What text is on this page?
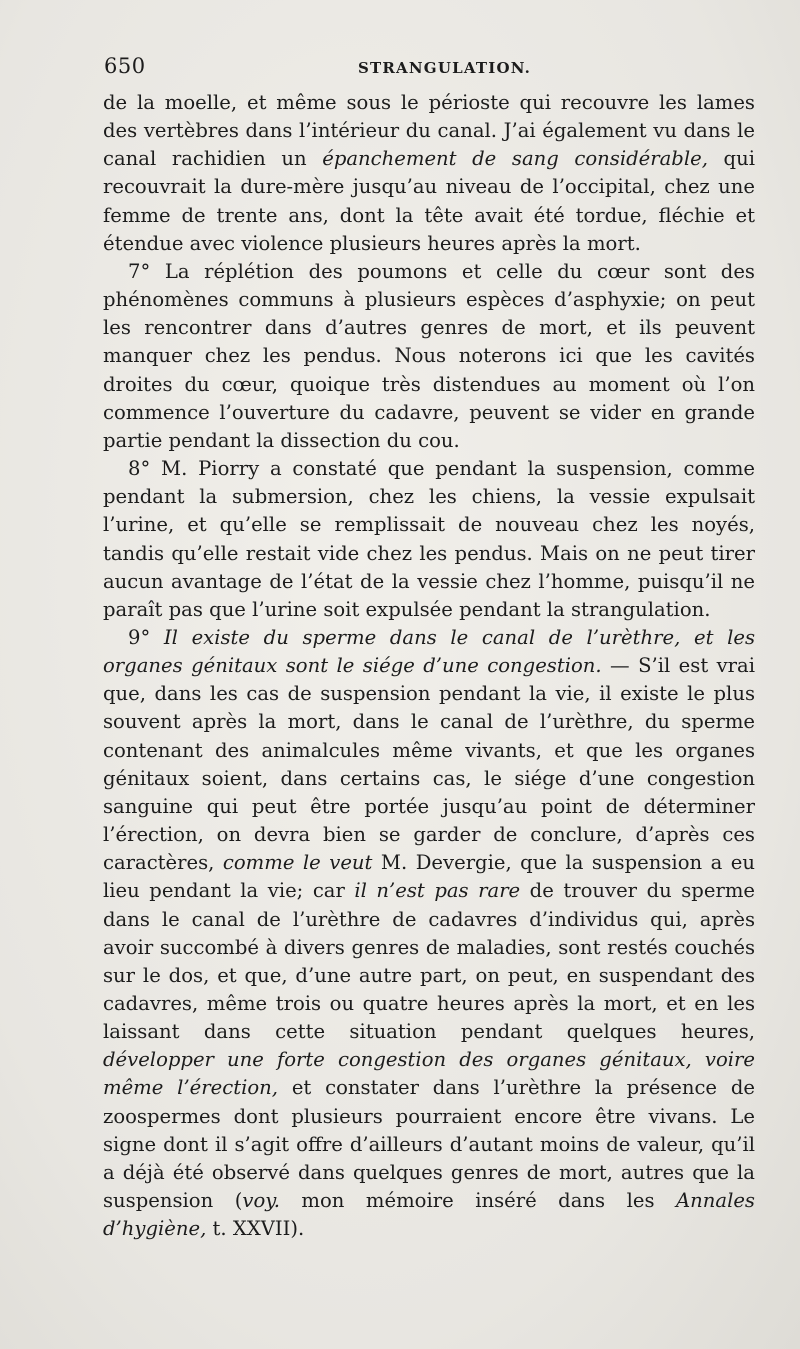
650	STRANGULATION.

de la moelle, et même sous le périoste qui recouvre les lames des vertèbres dans l’intérieur du canal. J’ai également vu dans le canal rachidien un épanchement de sang considérable, qui recouvrait la dure-mère jusqu’au niveau de l’occipital, chez une femme de trente ans, dont la tête avait été tordue, fléchie et étendue avec violence plusieurs heures après la mort.

7° La réplétion des poumons et celle du cœur sont des phénomènes communs à plusieurs espèces d’asphyxie; on peut les rencontrer dans d’autres genres de mort, et ils peuvent manquer chez les pendus. Nous noterons ici que les cavités droites du cœur, quoique très distendues au moment où l’on commence l’ouverture du cadavre, peuvent se vider en grande partie pendant la dissection du cou.

8° M. Piorry a constaté que pendant la suspension, comme pendant la submersion, chez les chiens, la vessie expulsait l’urine, et qu’elle se remplissait de nouveau chez les noyés, tandis qu’elle restait vide chez les pendus. Mais on ne peut tirer aucun avantage de l’état de la vessie chez l’homme, puisqu’il ne paraît pas que l’urine soit expulsée pendant la strangulation.

9° Il existe du sperme dans le canal de l’urèthre, et les organes génitaux sont le siége d’une congestion. — S’il est vrai que, dans les cas de suspension pendant la vie, il existe le plus souvent après la mort, dans le canal de l’urèthre, du sperme contenant des animalcules même vivants, et que les organes génitaux soient, dans certains cas, le siége d’une congestion sanguine qui peut être portée jusqu’au point de déterminer l’érection, on devra bien se garder de conclure, d’après ces caractères, comme le veut M. Devergie, que la suspension a eu lieu pendant la vie; car il n’est pas rare de trouver du sperme dans le canal de l’urèthre de cadavres d’individus qui, après avoir succombé à divers genres de maladies, sont restés couchés sur le dos, et que, d’une autre part, on peut, en suspendant des cadavres, même trois ou quatre heures après la mort, et en les laissant dans cette situation pendant quelques heures, développer une forte congestion des organes génitaux, voire même l’érection, et constater dans l’urèthre la présence de zoospermes dont plusieurs pourraient encore être vivans. Le signe dont il s’agit offre d’ailleurs d’autant moins de valeur, qu’il a déjà été observé dans quelques genres de mort, autres que la suspension (voy. mon mémoire inséré dans les Annales d’hygiène, t. XXVII).
